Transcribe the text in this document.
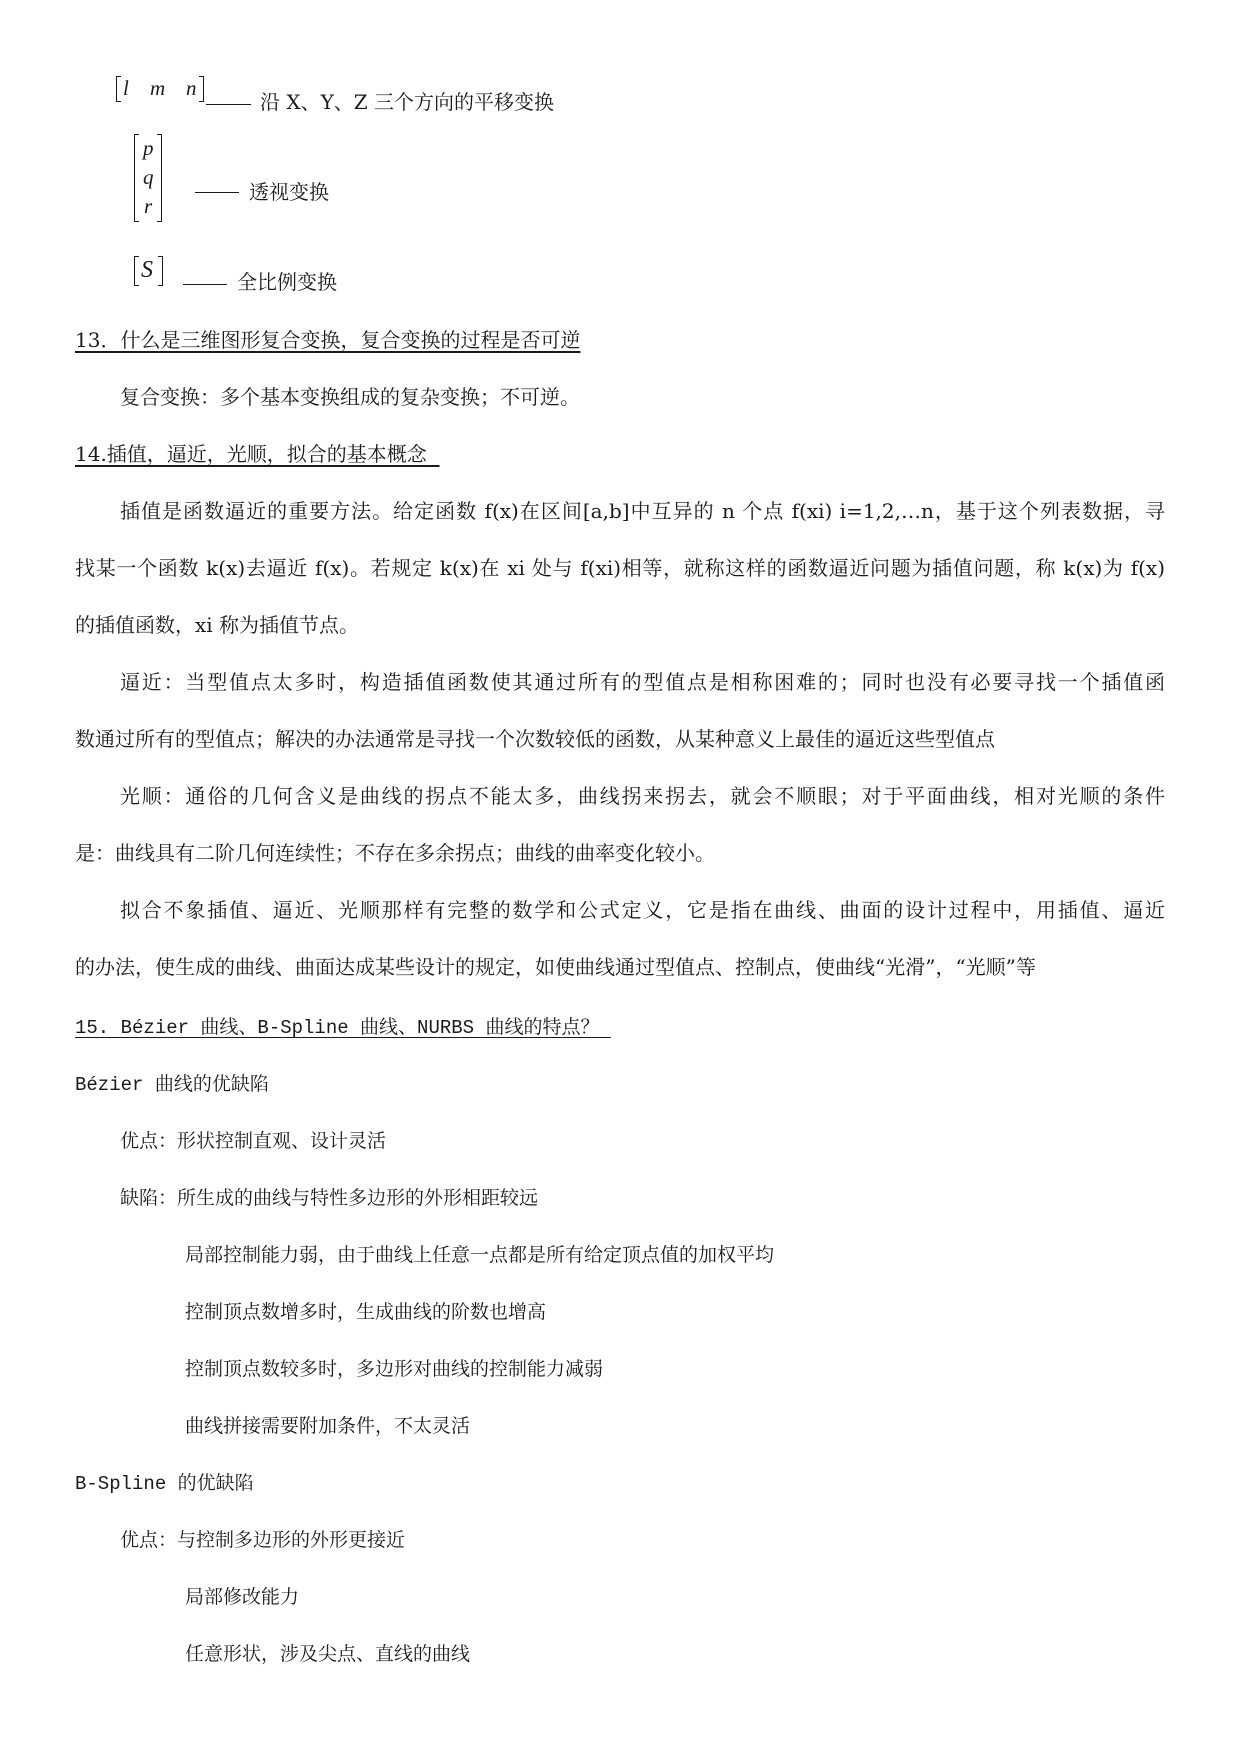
l m n
沿 X、Y、Z 三个方向的平移变换
p
q
r
透视变换
S	全比例变换
13．什么是三维图形复合变换，复合变换的过程是否可逆
复合变换：多个基本变换组成的复杂变换；不可逆。
14.插值，逼近，光顺，拟合的基本概念
插值是函数逼近的重要方法。给定函数 f(x)在区间[a,b]中互异的 n 个点 f(xi) i=1,2,…n，基于这个列表数据，寻
找某一个函数 k(x)去逼近 f(x)。若规定 k(x)在 xi 处与 f(xi)相等，就称这样的函数逼近问题为插值问题，称 k(x)为 f(x)
的插值函数，xi 称为插值节点。
逼近：当型值点太多时，构造插值函数使其通过所有的型值点是相称困难的；同时也没有必要寻找一个插值函
数通过所有的型值点；解决的办法通常是寻找一个次数较低的函数，从某种意义上最佳的逼近这些型值点
光顺：通俗的几何含义是曲线的拐点不能太多，曲线拐来拐去，就会不顺眼；对于平面曲线，相对光顺的条件
是：曲线具有二阶几何连续性；不存在多余拐点；曲线的曲率变化较小。
拟合不象插值、逼近、光顺那样有完整的数学和公式定义，它是指在曲线、曲面的设计过程中，用插值、逼近
的办法，使生成的曲线、曲面达成某些设计的规定，如使曲线通过型值点、控制点，使曲线“光滑”，“光顺”等
15. Bézier 曲线、B-Spline 曲线、NURBS 曲线的特点？
Bézier 曲线的优缺陷
优点：形状控制直观、设计灵活
缺陷：所生成的曲线与特性多边形的外形相距较远
局部控制能力弱，由于曲线上任意一点都是所有给定顶点值的加权平均
控制顶点数增多时，生成曲线的阶数也增高
控制顶点数较多时，多边形对曲线的控制能力减弱
曲线拼接需要附加条件，不太灵活
B-Spline 的优缺陷
优点：与控制多边形的外形更接近
局部修改能力
任意形状，涉及尖点、直线的曲线
